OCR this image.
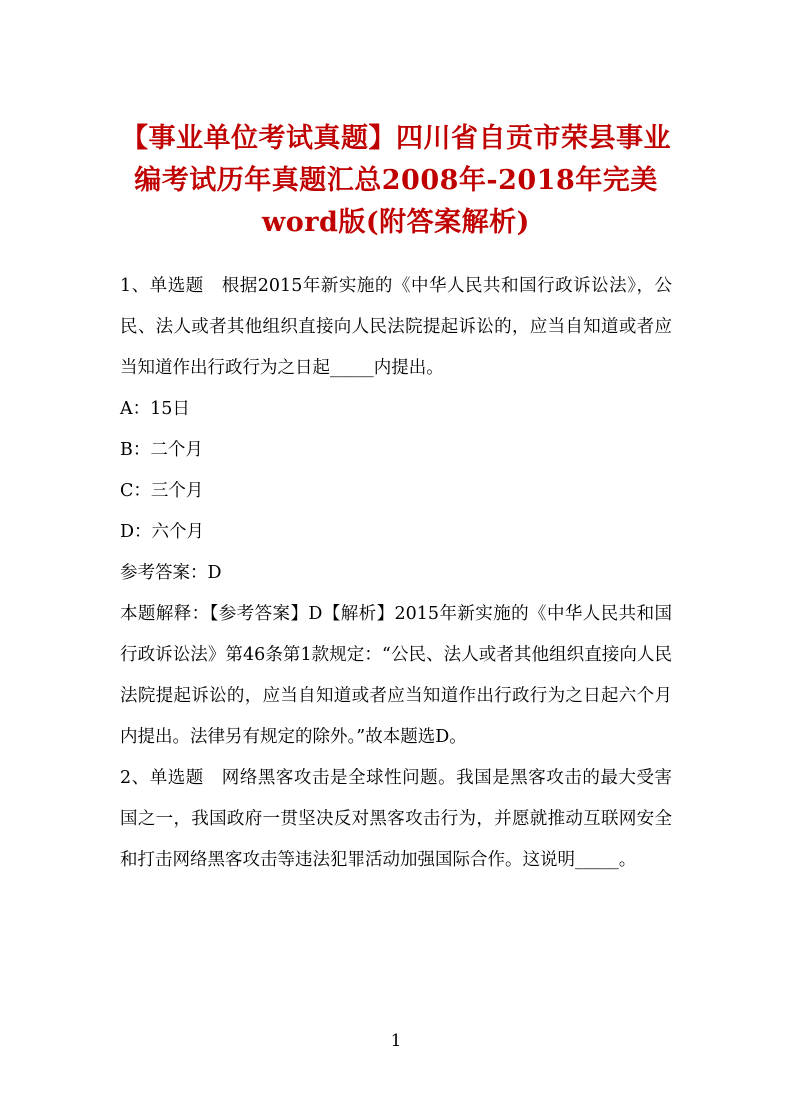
【事业单位考试真题】四川省自贡市荣县事业编考试历年真题汇总2008年-2018年完美word版(附答案解析)

1、单选题　根据2015年新实施的《中华人民共和国行政诉讼法》，公民、法人或者其他组织直接向人民法院提起诉讼的，应当自知道或者应当知道作出行政行为之日起_____内提出。

A：15日

B：二个月

C：三个月

D：六个月

参考答案：D

本题解释：【参考答案】D【解析】2015年新实施的《中华人民共和国行政诉讼法》第46条第1款规定：“公民、法人或者其他组织直接向人民法院提起诉讼的，应当自知道或者应当知道作出行政行为之日起六个月内提出。法律另有规定的除外。”故本题选D。

2、单选题　网络黑客攻击是全球性问题。我国是黑客攻击的最大受害国之一，我国政府一贯坚决反对黑客攻击行为，并愿就推动互联网安全和打击网络黑客攻击等违法犯罪活动加强国际合作。这说明_____。

1
